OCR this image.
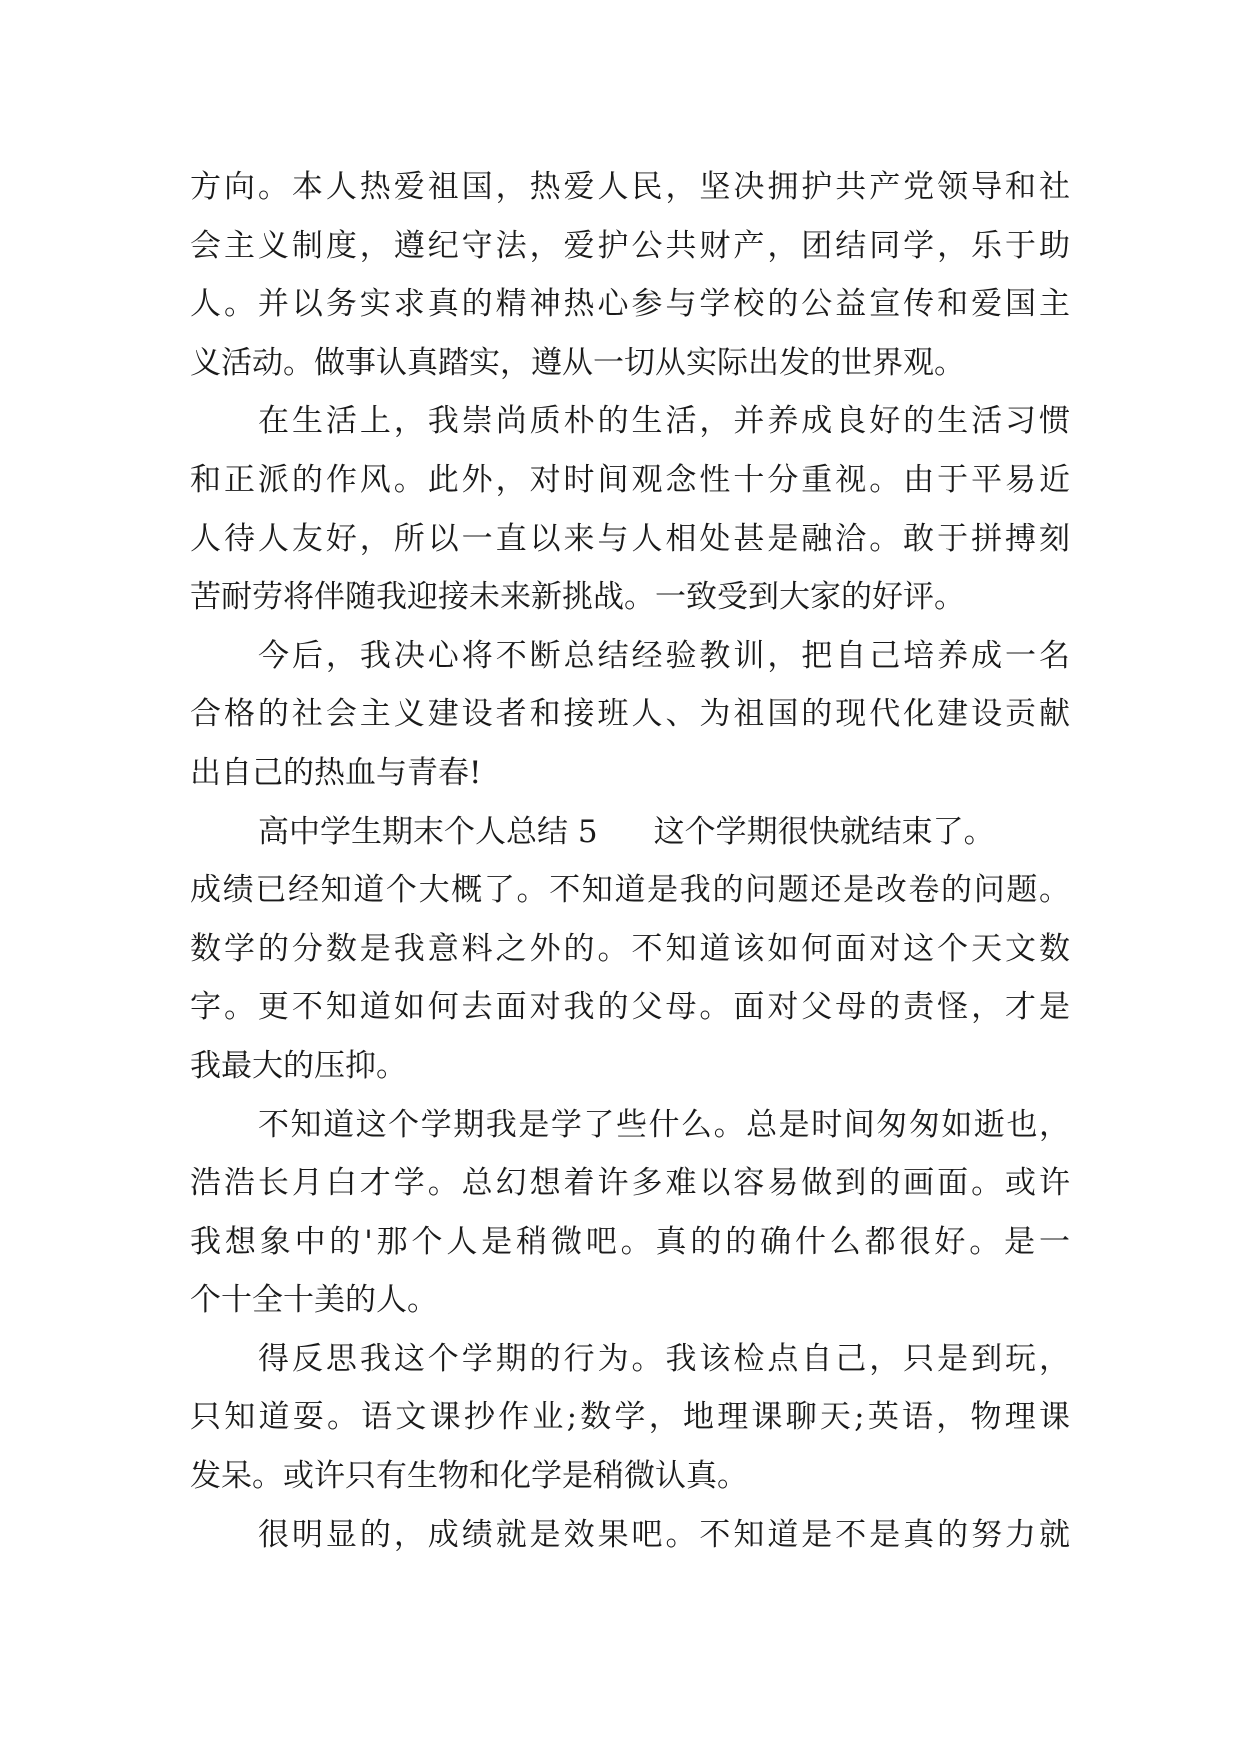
方向。本人热爱祖国，热爱人民，坚决拥护共产党领导和社
会主义制度，遵纪守法，爱护公共财产，团结同学，乐于助
人。并以务实求真的精神热心参与学校的公益宣传和爱国主
义活动。做事认真踏实，遵从一切从实际出发的世界观。
在生活上，我崇尚质朴的生活，并养成良好的生活习惯
和正派的作风。此外，对时间观念性十分重视。由于平易近
人待人友好，所以一直以来与人相处甚是融洽。敢于拼搏刻
苦耐劳将伴随我迎接未来新挑战。一致受到大家的好评。
今后，我决心将不断总结经验教训，把自己培养成一名
合格的社会主义建设者和接班人、为祖国的现代化建设贡献
出自己的热血与青春!
高中学生期末个人总结 5 这个学期很快就结束了。
成绩已经知道个大概了。不知道是我的问题还是改卷的问题。
数学的分数是我意料之外的。不知道该如何面对这个天文数
字。更不知道如何去面对我的父母。面对父母的责怪，才是
我最大的压抑。
不知道这个学期我是学了些什么。总是时间匆匆如逝也，
浩浩长月白才学。总幻想着许多难以容易做到的画面。或许
我想象中的'那个人是稍微吧。真的的确什么都很好。是一
个十全十美的人。
得反思我这个学期的行为。我该检点自己，只是到玩，
只知道耍。语文课抄作业;数学，地理课聊天;英语，物理课
发呆。或许只有生物和化学是稍微认真。
很明显的，成绩就是效果吧。不知道是不是真的努力就
